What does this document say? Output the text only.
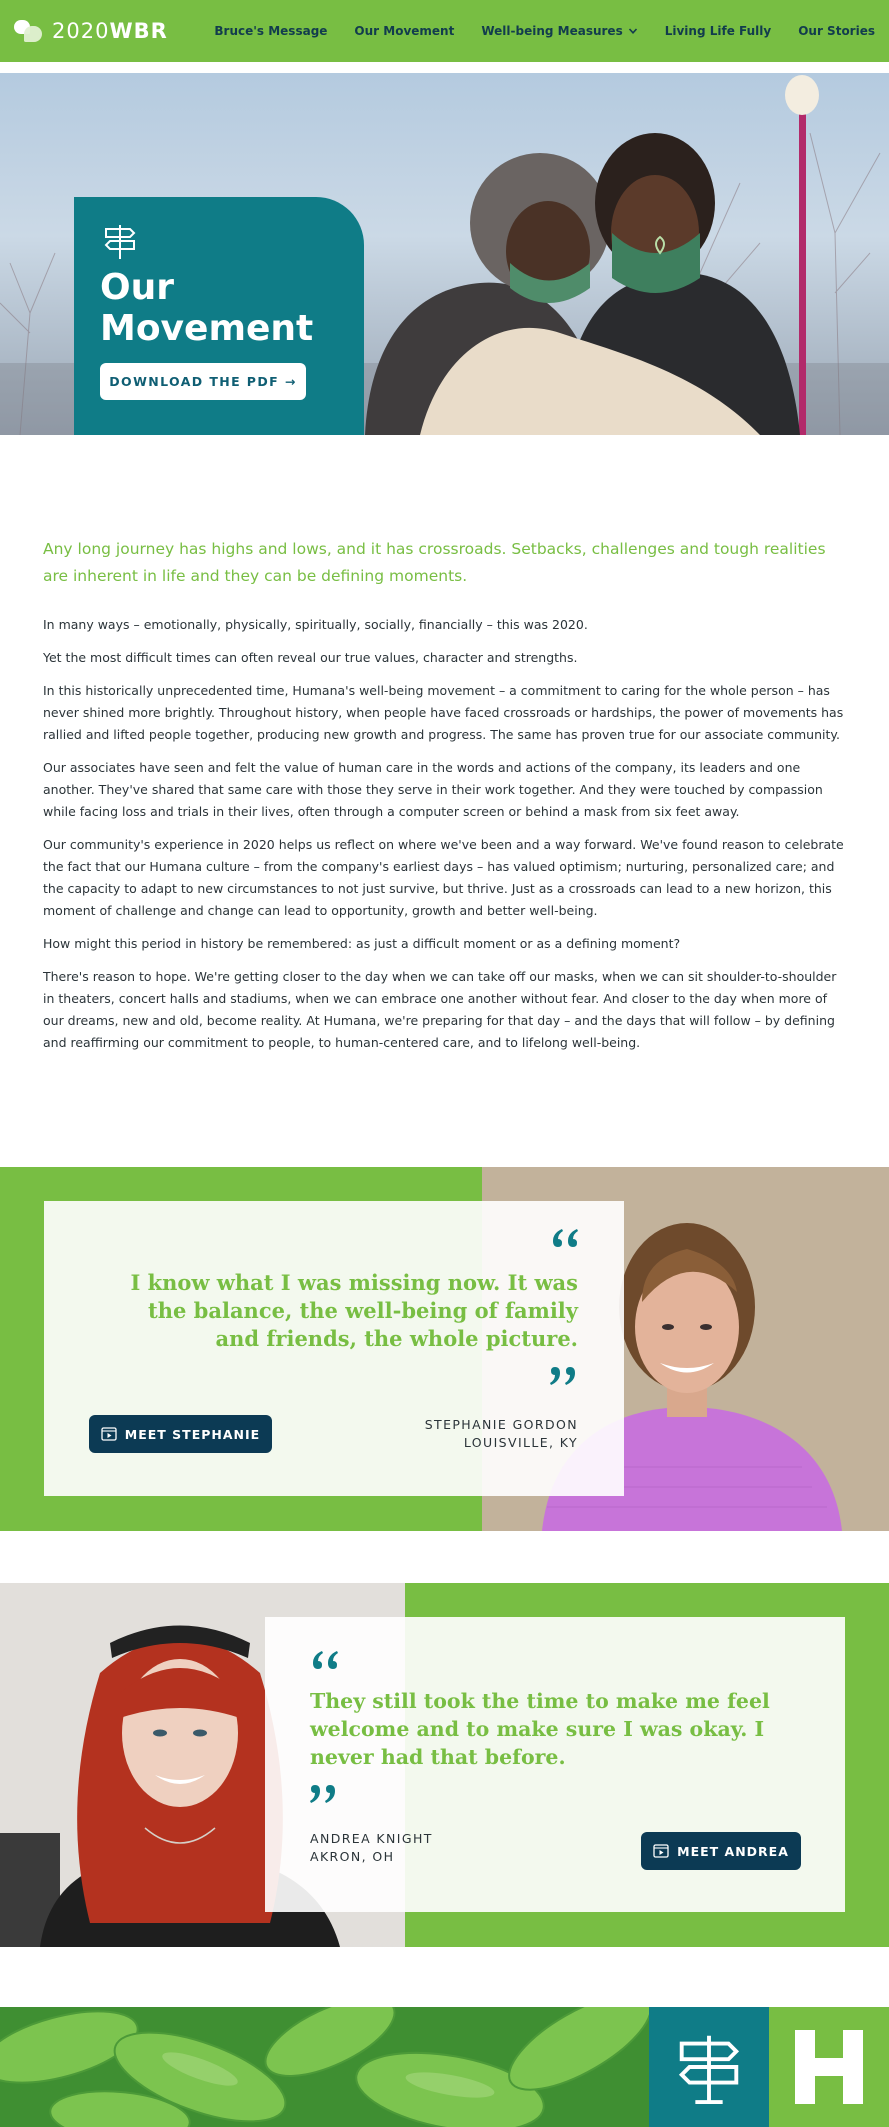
2020WBR	Bruce's Message Our Movement Well-being Measures	Living Life Fully Our Stories
Our Movement
DOWNLOAD THE PDF →

Any long journey has highs and lows, and it has crossroads. Setbacks, challenges and tough realities are inherent in life and they can be defining moments.

In many ways – emotionally, physically, spiritually, socially, financially – this was 2020.

Yet the most difficult times can often reveal our true values, character and strengths.

In this historically unprecedented time, Humana's well-being movement – a commitment to caring for the whole person – has never shined more brightly. Throughout history, when people have faced crossroads or hardships, the power of movements has rallied and lifted people together, producing new growth and progress. The same has proven true for our associate community.

Our associates have seen and felt the value of human care in the words and actions of the company, its leaders and one another. They've shared that same care with those they serve in their work together. And they were touched by compassion while facing loss and trials in their lives, often through a computer screen or behind a mask from six feet away.

Our community's experience in 2020 helps us reflect on where we've been and a way forward. We've found reason to celebrate the fact that our Humana culture – from the company's earliest days – has valued optimism; nurturing, personalized care; and the capacity to adapt to new circumstances to not just survive, but thrive. Just as a crossroads can lead to a new horizon, this moment of challenge and change can lead to opportunity, growth and better well-being.

How might this period in history be remembered: as just a difficult moment or as a defining moment?

There's reason to hope. We're getting closer to the day when we can take off our masks, when we can sit shoulder-to-shoulder in theaters, concert halls and stadiums, when we can embrace one another without fear. And closer to the day when more of our dreams, new and old, become reality. At Humana, we're preparing for that day – and the days that will follow – by defining and reaffirming our commitment to people, to human-centered care, and to lifelong well-being.

I know what I was missing now. It was the balance, the well-being of family and friends, the whole picture.

MEET STEPHANIE
STEPHANIE GORDON
LOUISVILLE, KY

They still took the time to make me feel welcome and to make sure I was okay. I never had that before.

ANDREA KNIGHT
AKRON, OH	MEET ANDREA
